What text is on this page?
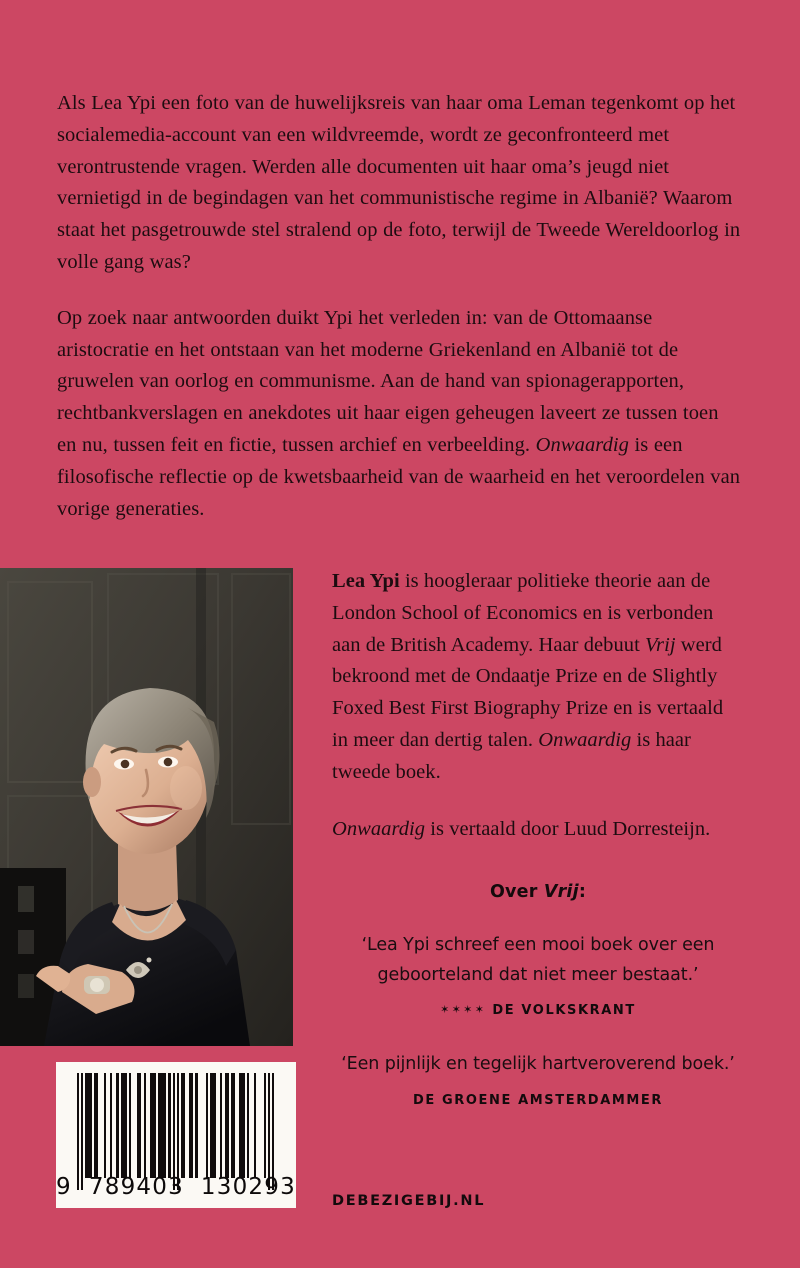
Als Lea Ypi een foto van de huwelijksreis van haar oma Leman tegenkomt op het socialemedia-account van een wildvreemde, wordt ze geconfronteerd met verontrustende vragen. Werden alle documenten uit haar oma’s jeugd niet vernietigd in de begindagen van het communistische regime in Albanië? Waarom staat het pasgetrouwde stel stralend op de foto, terwijl de Tweede Wereldoorlog in volle gang was?

Op zoek naar antwoorden duikt Ypi het verleden in: van de Ottomaanse aristocratie en het ontstaan van het moderne Griekenland en Albanië tot de gruwelen van oorlog en communisme. Aan de hand van spionagerapporten, rechtbankverslagen en anekdotes uit haar eigen geheugen laveert ze tussen toen en nu, tussen feit en fictie, tussen archief en verbeelding. Onwaardig is een filosofische reflectie op de kwetsbaarheid van de waarheid en het veroordelen van vorige generaties.

9  789403  130293

Lea Ypi is hoogleraar politieke theorie aan de London School of Economics en is verbonden aan de British Academy. Haar debuut Vrij werd bekroond met de Ondaatje Prize en de Slightly Foxed Best First Biography Prize en is vertaald in meer dan dertig talen. Onwaardig is haar tweede boek.

Onwaardig is vertaald door Luud Dorresteijn.

Over Vrij:

‘Lea Ypi schreef een mooi boek over een geboorteland dat niet meer bestaat.’

✶✶✶✶ DE VOLKSKRANT

‘Een pijnlijk en tegelijk hartveroverend boek.’

DE GROENE AMSTERDAMMER

DEBEZIGEBIJ.NL
